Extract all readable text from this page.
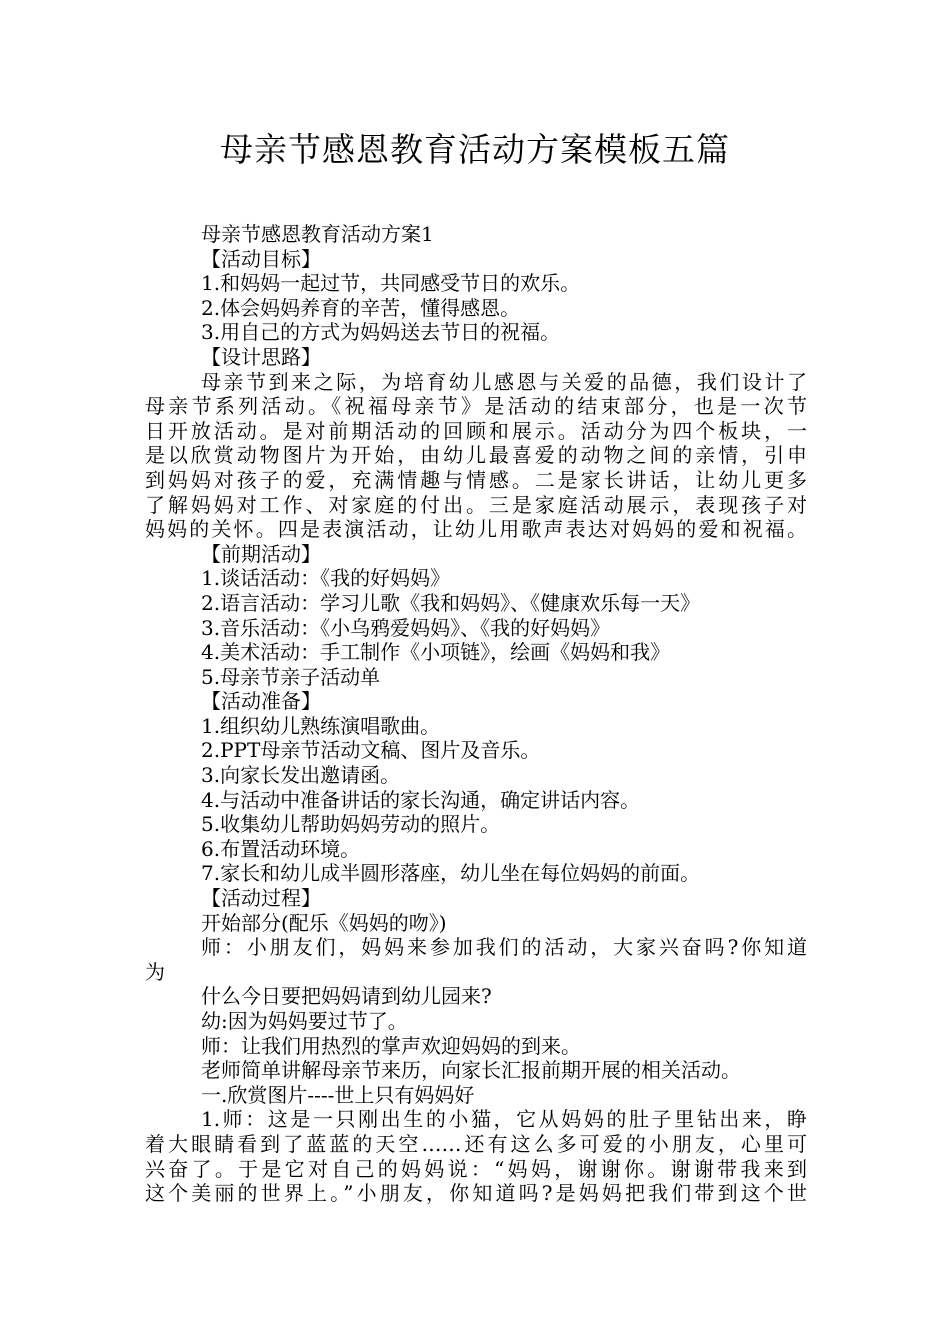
母亲节感恩教育活动方案模板五篇
母亲节感恩教育活动方案1
【活动目标】
1.和妈妈一起过节，共同感受节日的欢乐。
2.体会妈妈养育的辛苦，懂得感恩。
3.用自己的方式为妈妈送去节日的祝福。
【设计思路】
母亲节到来之际，为培育幼儿感恩与关爱的品德，我们设计了
母亲节系列活动。《祝福母亲节》是活动的结束部分，也是一次节
日开放活动。是对前期活动的回顾和展示。活动分为四个板块，一
是以欣赏动物图片为开始，由幼儿最喜爱的动物之间的亲情，引申
到妈妈对孩子的爱，充满情趣与情感。二是家长讲话，让幼儿更多
了解妈妈对工作、对家庭的付出。三是家庭活动展示，表现孩子对
妈妈的关怀。四是表演活动，让幼儿用歌声表达对妈妈的爱和祝福。
【前期活动】
1.谈话活动：《我的好妈妈》
2.语言活动：学习儿歌《我和妈妈》、《健康欢乐每一天》
3.音乐活动：《小乌鸦爱妈妈》、《我的好妈妈》
4.美术活动：手工制作《小项链》，绘画《妈妈和我》
5.母亲节亲子活动单
【活动准备】
1.组织幼儿熟练演唱歌曲。
2.PPT母亲节活动文稿、图片及音乐。
3.向家长发出邀请函。
4.与活动中准备讲话的家长沟通，确定讲话内容。
5.收集幼儿帮助妈妈劳动的照片。
6.布置活动环境。
7.家长和幼儿成半圆形落座，幼儿坐在每位妈妈的前面。
【活动过程】
开始部分(配乐《妈妈的吻》)
师：小朋友们，妈妈来参加我们的活动，大家兴奋吗?你知道
为
什么今日要把妈妈请到幼儿园来?
幼:因为妈妈要过节了。
师：让我们用热烈的掌声欢迎妈妈的到来。
老师简单讲解母亲节来历，向家长汇报前期开展的相关活动。
一.欣赏图片----世上只有妈妈好
1.师：这是一只刚出生的小猫，它从妈妈的肚子里钻出来，睁
着大眼睛看到了蓝蓝的天空……还有这么多可爱的小朋友，心里可
兴奋了。于是它对自己的妈妈说：“妈妈，谢谢你。谢谢带我来到
这个美丽的世界上。”小朋友，你知道吗?是妈妈把我们带到这个世
